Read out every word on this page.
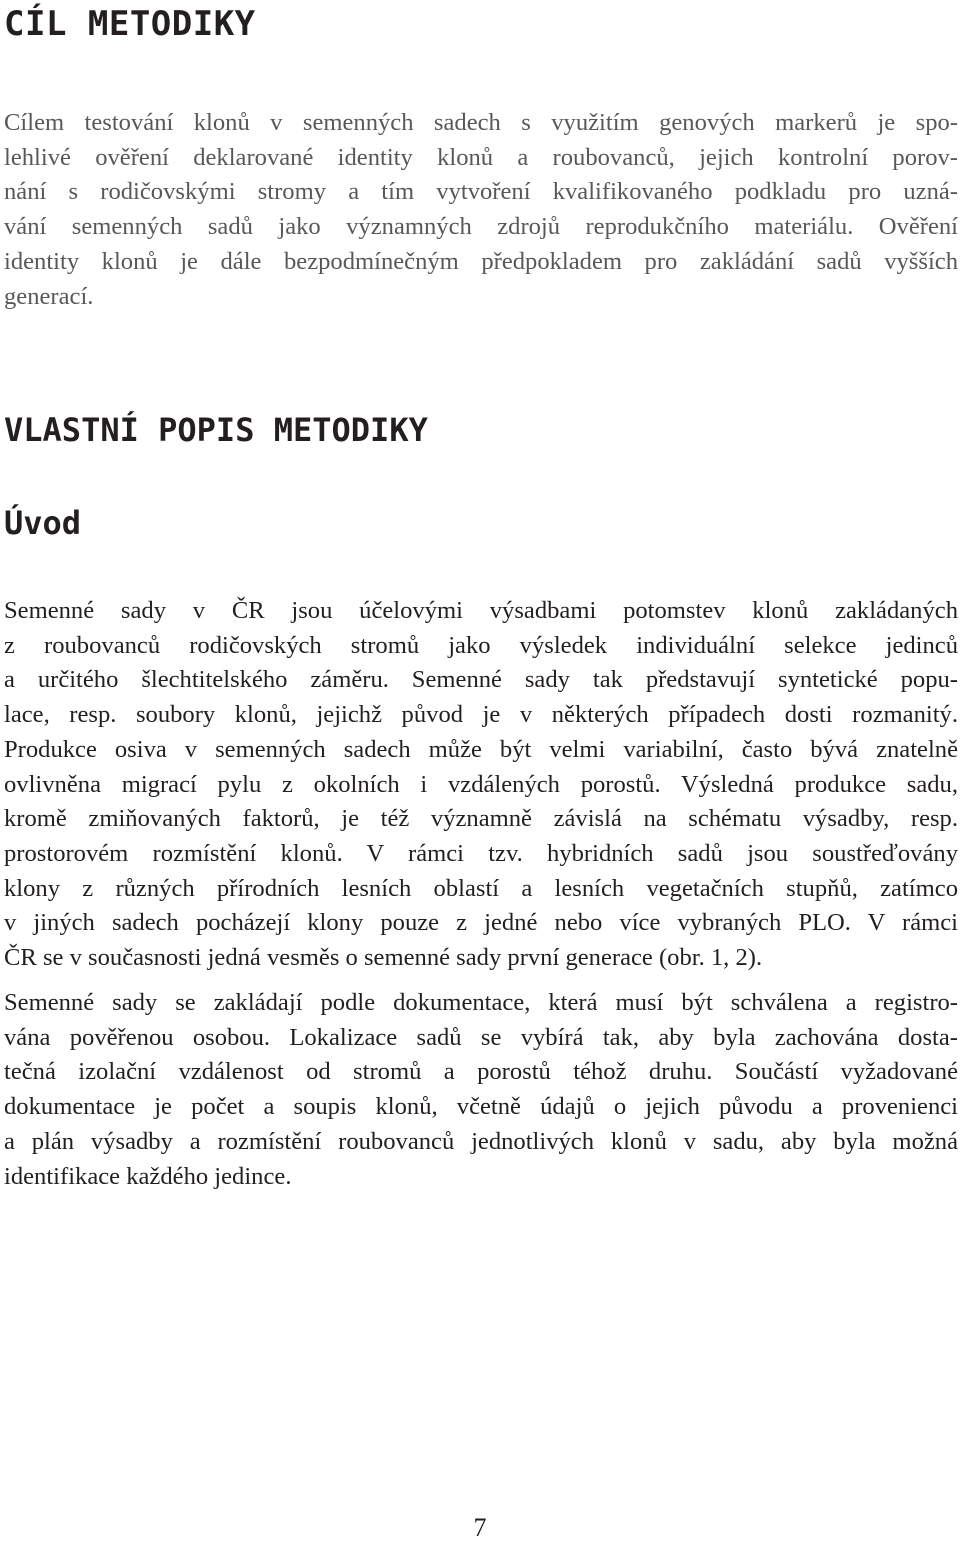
CÍL METODIKY
Cílem testování klonů v semenných sadech s využitím genových markerů je spo-
lehlivé ověření deklarované identity klonů a roubovanců, jejich kontrolní porov-
nání s rodičovskými stromy a tím vytvoření kvalifikovaného podkladu pro uzná-
vání semenných sadů jako významných zdrojů reprodukčního materiálu. Ověření
identity klonů je dále bezpodmínečným předpokladem pro zakládání sadů vyšších
generací.
VLASTNÍ POPIS METODIKY
Úvod
Semenné sady v ČR jsou účelovými výsadbami potomstev klonů zakládaných
z roubovanců rodičovských stromů jako výsledek individuální selekce jedinců
a určitého šlechtitelského záměru. Semenné sady tak představují syntetické popu-
lace, resp. soubory klonů, jejichž původ je v některých případech dosti rozmanitý.
Produkce osiva v semenných sadech může být velmi variabilní, často bývá znatelně
ovlivněna migrací pylu z okolních i vzdálených porostů. Výsledná produkce sadu,
kromě zmiňovaných faktorů, je též významně závislá na schématu výsadby, resp.
prostorovém rozmístění klonů. V rámci tzv. hybridních sadů jsou soustřeďovány
klony z různých přírodních lesních oblastí a lesních vegetačních stupňů, zatímco
v jiných sadech pocházejí klony pouze z jedné nebo více vybraných PLO. V rámci
ČR se v současnosti jedná vesměs o semenné sady první generace (obr. 1, 2).
Semenné sady se zakládají podle dokumentace, která musí být schválena a registro-
vána pověřenou osobou. Lokalizace sadů se vybírá tak, aby byla zachována dosta-
tečná izolační vzdálenost od stromů a porostů téhož druhu. Součástí vyžadované
dokumentace je počet a soupis klonů, včetně údajů o jejich původu a provenienci
a plán výsadby a rozmístění roubovanců jednotlivých klonů v sadu, aby byla možná
identifikace každého jedince.
7
